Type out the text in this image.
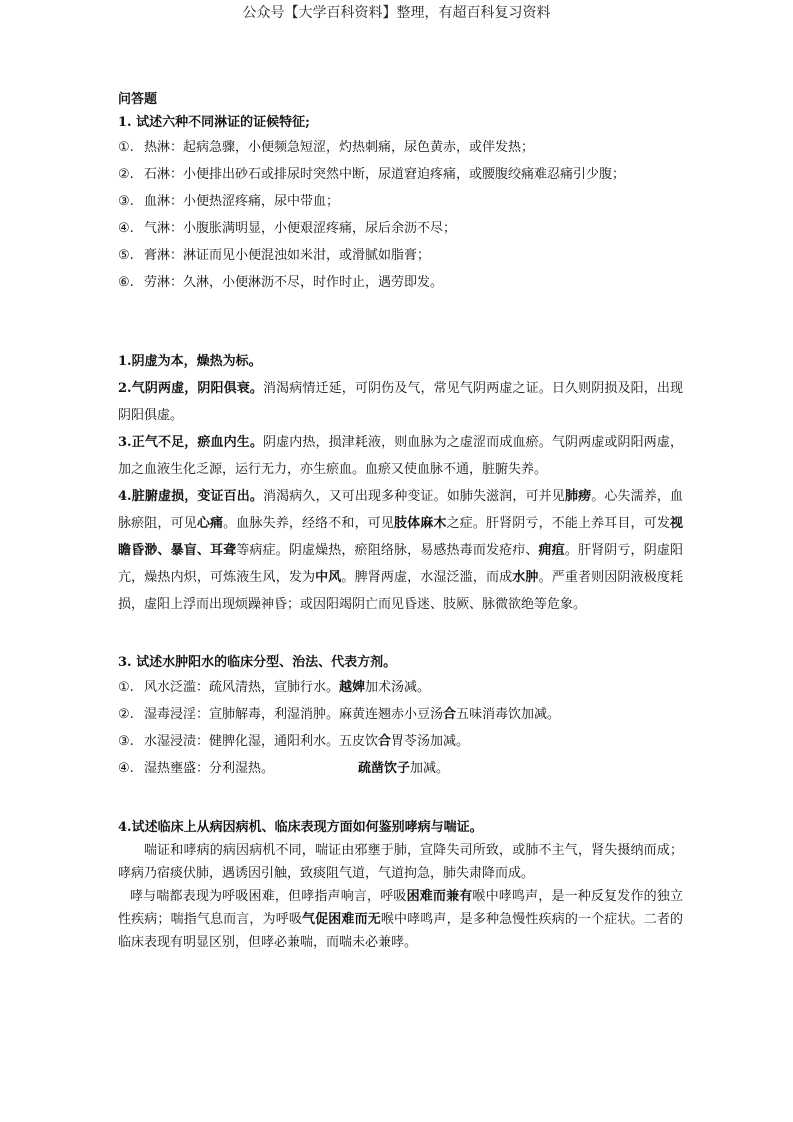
公众号【大学百科资料】整理，有超百科复习资料

问答题

1. 试述六种不同淋证的证候特征;

①. 热淋：起病急骤，小便频急短涩，灼热刺痛，尿色黄赤，或伴发热；
②. 石淋：小便排出砂石或排尿时突然中断，尿道窘迫疼痛，或腰腹绞痛难忍痛引少腹；
③. 血淋：小便热涩疼痛，尿中带血；
④. 气淋：小腹胀满明显，小便艰涩疼痛，尿后余沥不尽；
⑤. 膏淋：淋证而见小便混浊如米泔，或滑腻如脂膏；
⑥. 劳淋：久淋，小便淋沥不尽，时作时止，遇劳即发。

1.阴虚为本，燥热为标。

2.气阴两虚，阴阳俱衰。消渴病情迁延，可阴伤及气，常见气阴两虚之证。日久则阴损及阳，出现阴阳俱虚。

3.正气不足，瘀血内生。阴虚内热，损津耗液，则血脉为之虚涩而成血瘀。气阴两虚或阴阳两虚，加之血液生化乏源，运行无力，亦生瘀血。血瘀又使血脉不通，脏腑失养。

4.脏腑虚损，变证百出。消渴病久，又可出现多种变证。如肺失滋润，可并见肺痨。心失濡养，血脉瘀阻，可见心痛。血脉失养，经络不和，可见肢体麻木之症。肝肾阴亏，不能上养耳目，可发视瞻昏渺、暴盲、耳聋等病症。阴虚燥热，瘀阻络脉，易感热毒而发疮疖、痈疽。肝肾阴亏，阴虚阳亢，燥热内炽，可炼液生风，发为中风。脾肾两虚，水湿泛滥，而成水肿。严重者则因阴液极度耗损，虚阳上浮而出现烦躁神昏；或因阳竭阴亡而见昏迷、肢厥、脉微欲绝等危象。

3. 试述水肿阳水的临床分型、治法、代表方剂。

①. 风水泛滥：疏风清热，宣肺行水。越婢加术汤减。
②. 湿毒浸淫：宣肺解毒，利湿消肿。麻黄连翘赤小豆汤合五味消毒饮加减。
③. 水湿浸渍：健脾化湿，通阳利水。五皮饮合胃苓汤加减。
④. 湿热壅盛：分利湿热。	疏凿饮子加减。

4.试述临床上从病因病机、临床表现方面如何鉴别哮病与喘证。

喘证和哮病的病因病机不同，喘证由邪壅于肺，宣降失司所致，或肺不主气，肾失摄纳而成；哮病乃宿痰伏肺，遇诱因引触，致痰阻气道，气道拘急，肺失肃降而成。

哮与喘都表现为呼吸困难，但哮指声响言，呼吸困难而兼有喉中哮鸣声，是一种反复发作的独立性疾病；喘指气息而言，为呼吸气促困难而无喉中哮鸣声，是多种急慢性疾病的一个症状。二者的临床表现有明显区别，但哮必兼喘，而喘未必兼哮。
